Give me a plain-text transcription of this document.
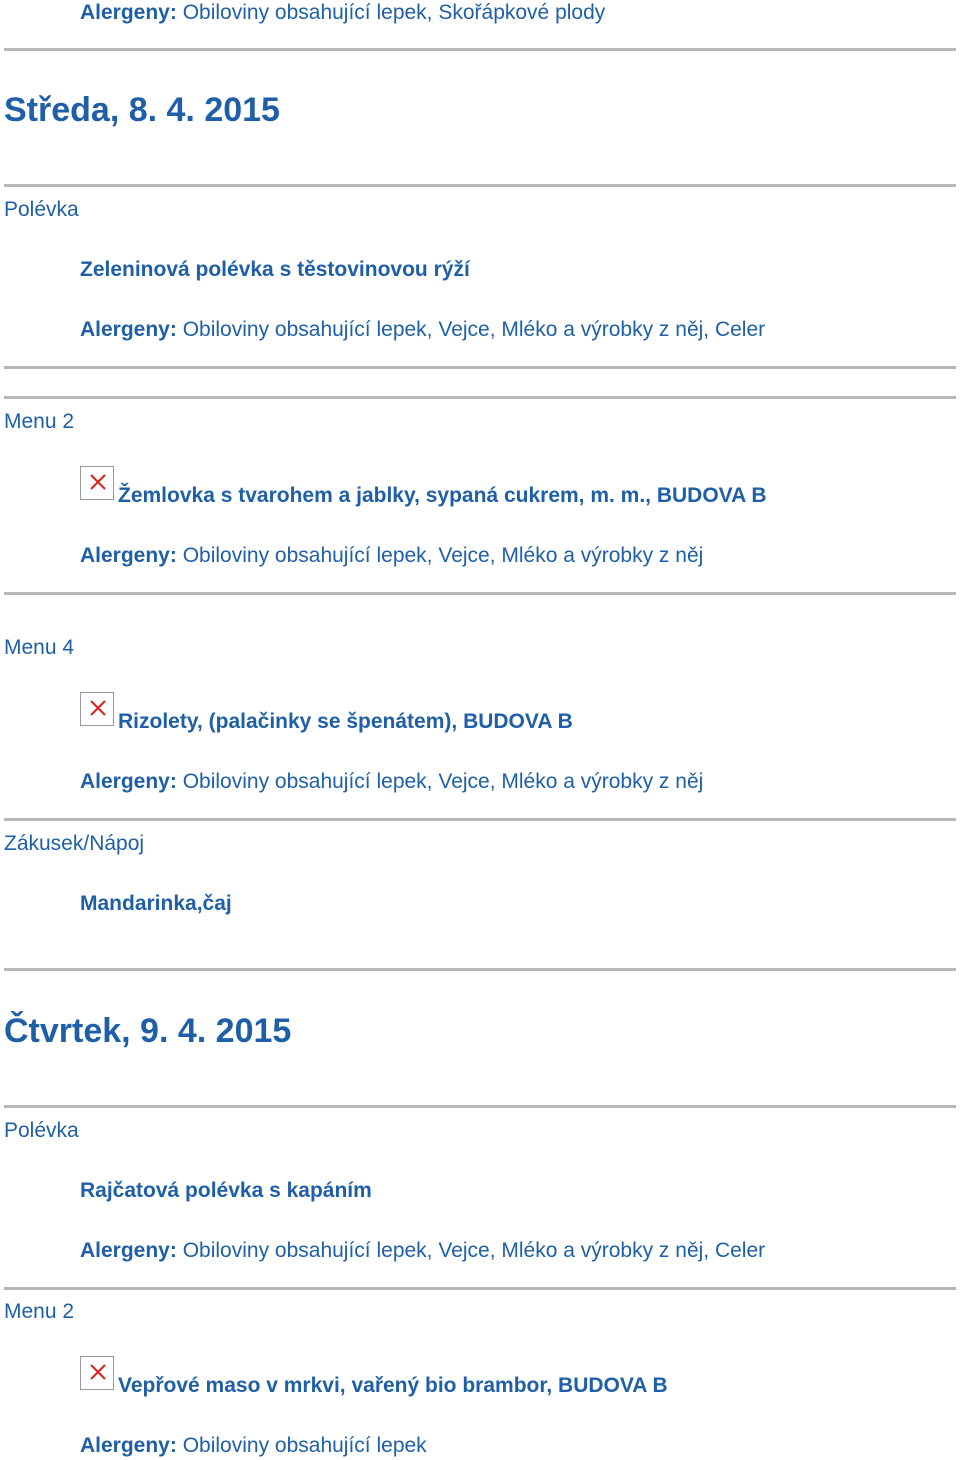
Alergeny: Obiloviny obsahující lepek, Skořápkové plody
Středa, 8. 4. 2015
Polévka
Zeleninová polévka s těstovinovou rýží
Alergeny: Obiloviny obsahující lepek, Vejce, Mléko a výrobky z něj, Celer
Menu 2
Žemlovka s tvarohem a jablky, sypaná cukrem, m. m., BUDOVA B
Alergeny: Obiloviny obsahující lepek, Vejce, Mléko a výrobky z něj
Menu 4
Rizolety, (palačinky se špenátem), BUDOVA B
Alergeny: Obiloviny obsahující lepek, Vejce, Mléko a výrobky z něj
Zákusek/Nápoj
Mandarinka,čaj
Čtvrtek, 9. 4. 2015
Polévka
Rajčatová polévka s kapáním
Alergeny: Obiloviny obsahující lepek, Vejce, Mléko a výrobky z něj, Celer
Menu 2
Vepřové maso v mrkvi, vařený bio brambor, BUDOVA B
Alergeny: Obiloviny obsahující lepek
